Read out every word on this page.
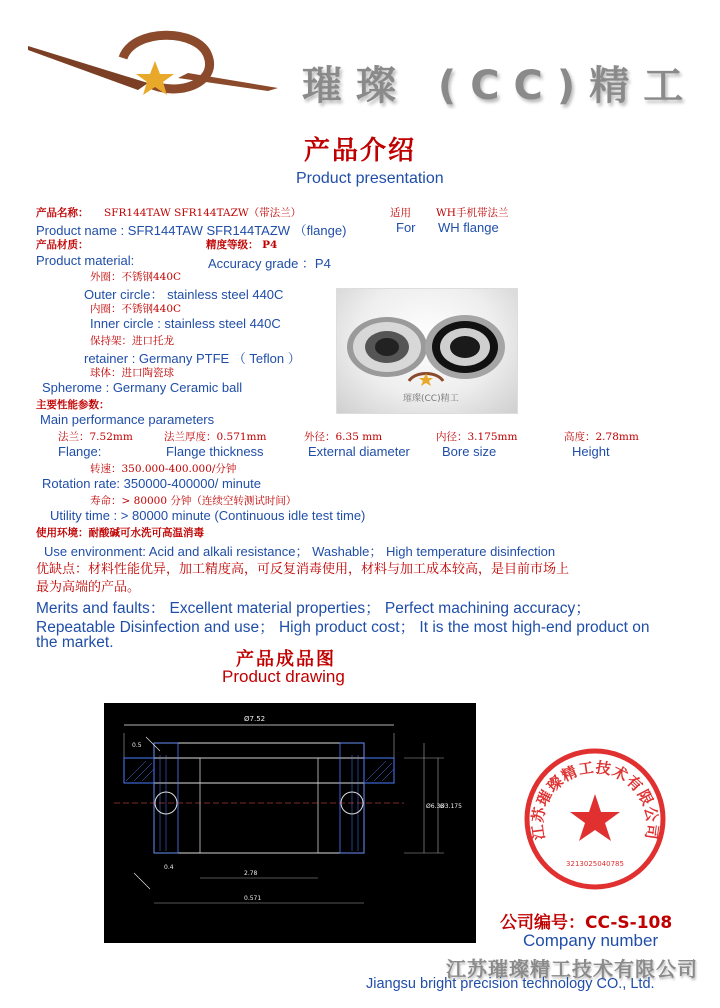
璀璨 (CC)精工
产品介绍
Product presentation
产品名称： SFR144TAW SFR144TAZW（带法兰）	适用 WH手机带法兰
Product name : SFR144TAW SFR144TAZW （flange)	For WH flange
产品材质：	精度等级： P4
Product material:	Accuracy grade ：P4
外圈：不锈钢440C
Outer circle： stainless steel 440C
内圈：不锈钢440C
Inner circle : stainless steel 440C
保持架：进口托龙
retainer : Germany PTFE （ Teflon ）
球体：进口陶瓷球
Spherome : Germany Ceramic ball
璀璨(CC)精工
主要性能参数：
Main performance parameters
法兰：7.52mm	法兰厚度：0.571mm	外径：6.35 mm	内径：3.175mm	高度：2.78mm
Flange:	Flange thickness	External diameter Bore size	Height
转速：350.000-400.000/分钟
Rotation rate: 350000-400000/ minute
寿命：> 80000 分钟（连续空转测试时间）
Utility time : > 80000 minute (Continuous idle test time)
使用环境：耐酸碱可水洗可高温消毒
Use environment: Acid and alkali resistance； Washable； High temperature disinfection
优缺点：材料性能优异，加工精度高，可反复消毒使用，材料与加工成本较高，是目前市场上
最为高端的产品。
Merits and faults： Excellent material properties； Perfect machining accuracy；
Repeatable Disinfection and use； High product cost； It is the most high-end product on
the market.
产品成品图
Product drawing
Ø7.52
Ø6.35
Ø3.175
2.78
0.571
0.4
0.5
江苏璀璨精工技术有限公司
3213025040785
公司编号：CC-S-108
Company number
江苏璀璨精工技术有限公司
Jiangsu bright precision technology CO., Ltd.
